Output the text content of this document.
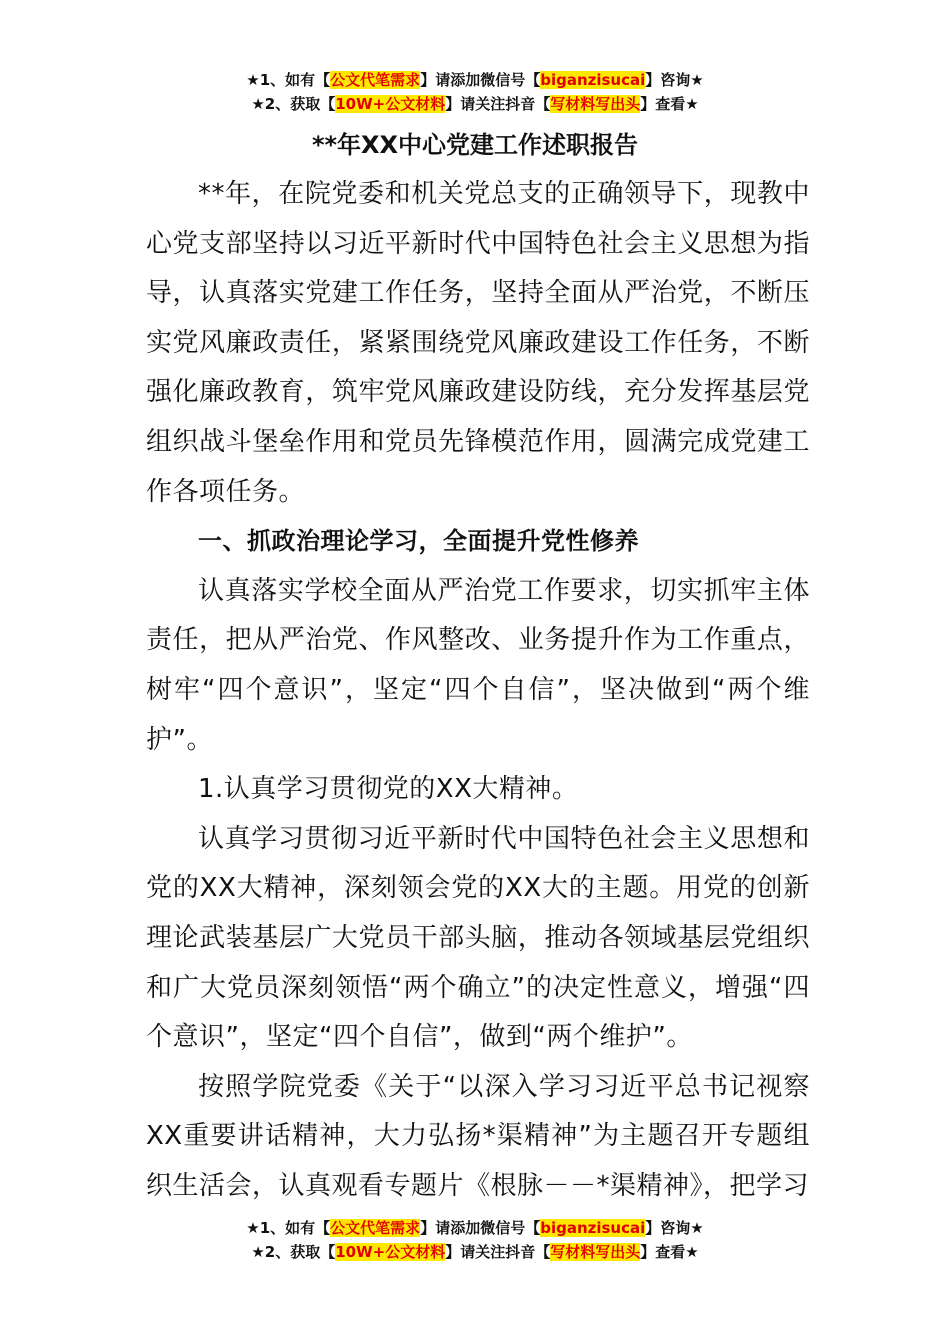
★1、如有【公文代笔需求】请添加微信号【biganzisucai】咨询★
★2、获取【10W+公文材料】请关注抖音【写材料写出头】查看★
**年XX中心党建工作述职报告

**年，在院党委和机关党总支的正确领导下，现教中心党支部坚持以习近平新时代中国特色社会主义思想为指导，认真落实党建工作任务，坚持全面从严治党，不断压实党风廉政责任，紧紧围绕党风廉政建设工作任务，不断强化廉政教育，筑牢党风廉政建设防线，充分发挥基层党组织战斗堡垒作用和党员先锋模范作用，圆满完成党建工作各项任务。

一、抓政治理论学习，全面提升党性修养

认真落实学校全面从严治党工作要求，切实抓牢主体责任，把从严治党、作风整改、业务提升作为工作重点，树牢“四个意识”，坚定“四个自信”，坚决做到“两个维护”。

1.认真学习贯彻党的XX大精神。

认真学习贯彻习近平新时代中国特色社会主义思想和党的XX大精神，深刻领会党的XX大的主题。用党的创新理论武装基层广大党员干部头脑，推动各领域基层党组织和广大党员深刻领悟“两个确立”的决定性意义，增强“四个意识”，坚定“四个自信”，做到“两个维护”。

按照学院党委《关于“以深入学习习近平总书记视察XX重要讲话精神，大力弘扬*渠精神”为主题召开专题组织生活会，认真观看专题片《根脉－－*渠精神》，把学习

★1、如有【公文代笔需求】请添加微信号【biganzisucai】咨询★
★2、获取【10W+公文材料】请关注抖音【写材料写出头】查看★
